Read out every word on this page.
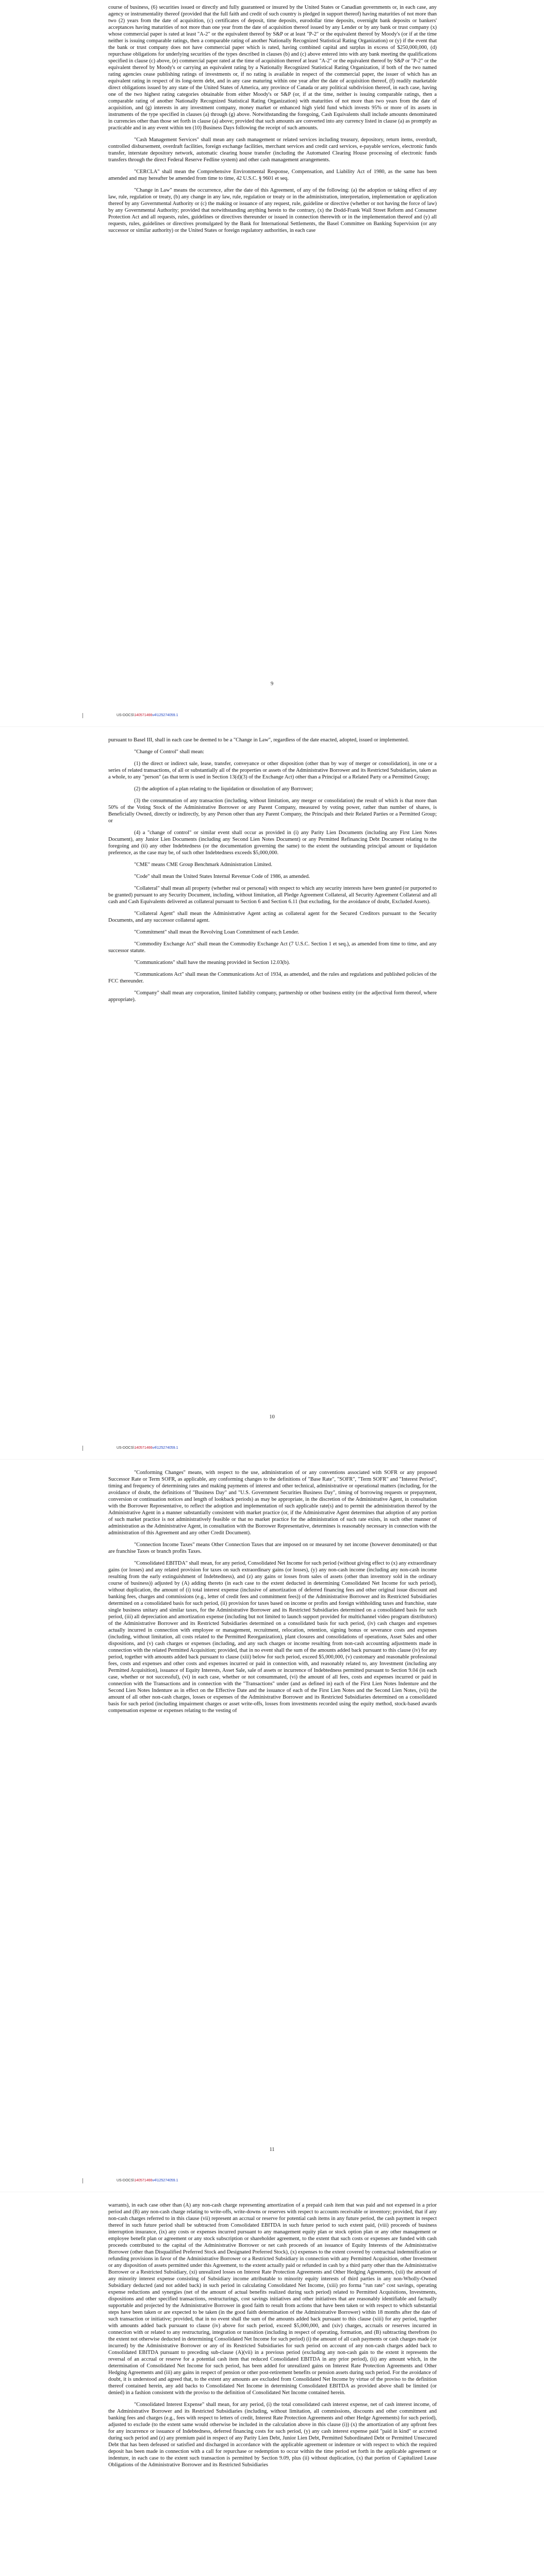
course of business, (6) securities issued or directly and fully guaranteed or insured by the United States or Canadian governments or, in each case, any agency or instrumentality thereof (provided that the full faith and credit of such country is pledged in support thereof) having maturities of not more than two (2) years from the date of acquisition, (c) certificates of deposit, time deposits, eurodollar time deposits, overnight bank deposits or bankers' acceptances having maturities of not more than one year from the date of acquisition thereof issued by any Lender or by any bank or trust company (x) whose commercial paper is rated at least "A-2" or the equivalent thereof by S&P or at least "P-2" or the equivalent thereof by Moody's (or if at the time neither is issuing comparable ratings, then a comparable rating of another Nationally Recognized Statistical Rating Organization) or (y) if the event that the bank or trust company does not have commercial paper which is rated, having combined capital and surplus in excess of $250,000,000, (d) repurchase obligations for underlying securities of the types described in clauses (b) and (c) above entered into with any bank meeting the qualifications specified in clause (c) above, (e) commercial paper rated at the time of acquisition thereof at least "A-2" or the equivalent thereof by S&P or "P-2" or the equivalent thereof by Moody's or carrying an equivalent rating by a Nationally Recognized Statistical Rating Organization, if both of the two named rating agencies cease publishing ratings of investments or, if no rating is available in respect of the commercial paper, the issuer of which has an equivalent rating in respect of its long-term debt, and in any case maturing within one year after the date of acquisition thereof, (f) readily marketable direct obligations issued by any state of the United States of America, any province of Canada or any political subdivision thereof, in each case, having one of the two highest rating categories obtainable from either Moody's or S&P (or, if at the time, neither is issuing comparable ratings, then a comparable rating of another Nationally Recognized Statistical Rating Organization) with maturities of not more than two years from the date of acquisition, and (g) interests in any investment company, money market or enhanced high yield fund which invests 95% or more of its assets in instruments of the type specified in clauses (a) through (g) above. Notwithstanding the foregoing, Cash Equivalents shall include amounts denominated in currencies other than those set forth in clause (a) above; provided that such amounts are converted into any currency listed in clause (a) as promptly as practicable and in any event within ten (10) Business Days following the receipt of such amounts.

"Cash Management Services" shall mean any cash management or related services including treasury, depository, return items, overdraft, controlled disbursement, overdraft facilities, foreign exchange facilities, merchant services and credit card services, e-payable services, electronic funds transfer, interstate depository network, automatic clearing house transfer (including the Automated Clearing House processing of electronic funds transfers through the direct Federal Reserve Fedline system) and other cash management arrangements.

"CERCLA" shall mean the Comprehensive Environmental Response, Compensation, and Liability Act of 1980, as the same has been amended and may hereafter be amended from time to time, 42 U.S.C. § 9601 et seq.

"Change in Law" means the occurrence, after the date of this Agreement, of any of the following: (a) the adoption or taking effect of any law, rule, regulation or treaty, (b) any change in any law, rule, regulation or treaty or in the administration, interpretation, implementation or application thereof by any Governmental Authority or (c) the making or issuance of any request, rule, guideline or directive (whether or not having the force of law) by any Governmental Authority; provided that notwithstanding anything herein to the contrary, (x) the Dodd-Frank Wall Street Reform and Consumer Protection Act and all requests, rules, guidelines or directives thereunder or issued in connection therewith or in the implementation thereof and (y) all requests, rules, guidelines or directives promulgated by the Bank for International Settlements, the Basel Committee on Banking Supervision (or any successor or similar authority) or the United States or foreign regulatory authorities, in each case

9
US-DOCS\140571466v4\125274059.1

pursuant to Basel III, shall in each case be deemed to be a "Change in Law", regardless of the date enacted, adopted, issued or implemented.

"Change of Control" shall mean:

(1) the direct or indirect sale, lease, transfer, conveyance or other disposition (other than by way of merger or consolidation), in one or a series of related transactions, of all or substantially all of the properties or assets of the Administrative Borrower and its Restricted Subsidiaries, taken as a whole, to any "person" (as that term is used in Section 13(d)(3) of the Exchange Act) other than a Principal or a Related Party or a Permitted Group;

(2) the adoption of a plan relating to the liquidation or dissolution of any Borrower;

(3) the consummation of any transaction (including, without limitation, any merger or consolidation) the result of which is that more than 50% of the Voting Stock of the Administrative Borrower or any Parent Company, measured by voting power, rather than number of shares, is Beneficially Owned, directly or indirectly, by any Person other than any Parent Company, the Principals and their Related Parties or a Permitted Group; or

(4) a "change of control" or similar event shall occur as provided in (i) any Parity Lien Documents (including any First Lien Notes Document), any Junior Lien Documents (including any Second Lien Notes Document) or any Permitted Refinancing Debt Document relating to the foregoing and (ii) any other Indebtedness (or the documentation governing the same) to the extent the outstanding principal amount or liquidation preference, as the case may be, of such other Indebtedness exceeds $5,000,000.

"CME" means CME Group Benchmark Administration Limited.

"Code" shall mean the United States Internal Revenue Code of 1986, as amended.

"Collateral" shall mean all property (whether real or personal) with respect to which any security interests have been granted (or purported to be granted) pursuant to any Security Document, including, without limitation, all Pledge Agreement Collateral, all Security Agreement Collateral and all cash and Cash Equivalents delivered as collateral pursuant to Section 6 and Section 6.11 (but excluding, for the avoidance of doubt, Excluded Assets).

"Collateral Agent" shall mean the Administrative Agent acting as collateral agent for the Secured Creditors pursuant to the Security Documents, and any successor collateral agent.

"Commitment" shall mean the Revolving Loan Commitment of each Lender.

"Commodity Exchange Act" shall mean the Commodity Exchange Act (7 U.S.C. Section 1 et seq.), as amended from time to time, and any successor statute.

"Communications" shall have the meaning provided in Section 12.03(b).

"Communications Act" shall mean the Communications Act of 1934, as amended, and the rules and regulations and published policies of the FCC thereunder.

"Company" shall mean any corporation, limited liability company, partnership or other business entity (or the adjectival form thereof, where appropriate).

10
US-DOCS\140571466v4\125274059.1

"Conforming Changes" means, with respect to the use, administration of or any conventions associated with SOFR or any proposed Successor Rate or Term SOFR, as applicable, any conforming changes to the definitions of "Base Rate", "SOFR", "Term SOFR" and "Interest Period", timing and frequency of determining rates and making payments of interest and other technical, administrative or operational matters (including, for the avoidance of doubt, the definitions of "Business Day" and "U.S. Government Securities Business Day", timing of borrowing requests or prepayment, conversion or continuation notices and length of lookback periods) as may be appropriate, in the discretion of the Administrative Agent, in consultation with the Borrower Representative, to reflect the adoption and implementation of such applicable rate(s) and to permit the administration thereof by the Administrative Agent in a manner substantially consistent with market practice (or, if the Administrative Agent determines that adoption of any portion of such market practice is not administratively feasible or that no market practice for the administration of such rate exists, in such other manner of administration as the Administrative Agent, in consultation with the Borrower Representative, determines is reasonably necessary in connection with the administration of this Agreement and any other Credit Document).

"Connection Income Taxes" means Other Connection Taxes that are imposed on or measured by net income (however denominated) or that are franchise Taxes or branch profits Taxes.

"Consolidated EBITDA" shall mean, for any period, Consolidated Net Income for such period (without giving effect to (x) any extraordinary gains (or losses) and any related provision for taxes on such extraordinary gains (or losses), (y) any non-cash income (including any non-cash income resulting from the early extinguishment of Indebtedness), and (z) any gains or losses from sales of assets (other than inventory sold in the ordinary course of business)) adjusted by (A) adding thereto (in each case to the extent deducted in determining Consolidated Net Income for such period), without duplication, the amount of (i) total interest expense (inclusive of amortization of deferred financing fees and other original issue discount and banking fees, charges and commissions (e.g., letter of credit fees and commitment fees)) of the Administrative Borrower and its Restricted Subsidiaries determined on a consolidated basis for such period, (ii) provision for taxes based on income or profits and foreign withholding taxes and franchise, state single business unitary and similar taxes, for the Administrative Borrower and its Restricted Subsidiaries determined on a consolidated basis for such period, (iii) all depreciation and amortization expense (including but not limited to launch support provided for multichannel video program distributors) of the Administrative Borrower and its Restricted Subsidiaries determined on a consolidated basis for such period, (iv) cash charges and expenses actually incurred in connection with employee or management, recruitment, relocation, retention, signing bonus or severance costs and expenses (including, without limitation, all costs related to the Permitted Reorganization), plant closures and consolidations of operations, Asset Sales and other dispositions, and (v) cash charges or expenses (including, and any such charges or income resulting from non-cash accounting adjustments made in connection with the related Permitted Acquisition; provided, that in no event shall the sum of the amounts added back pursuant to this clause (iv) for any period, together with amounts added back pursuant to clause (xiii) below for such period, exceed $5,000,000, (v) customary and reasonable professional fees, costs and expenses and other costs and expenses incurred or paid in connection with, and reasonably related to, any Investment (including any Permitted Acquisition), issuance of Equity Interests, Asset Sale, sale of assets or incurrence of Indebtedness permitted pursuant to Section 9.04 (in each case, whether or not successful), (vi) in each case, whether or not consummated, (vi) the amount of all fees, costs and expenses incurred or paid in connection with the Transactions and in connection with the "Transactions" under (and as defined in) each of the First Lien Notes Indenture and the Second Lien Notes Indenture as in effect on the Effective Date and the issuance of each of the First Lien Notes and the Second Lien Notes, (vii) the amount of all other non-cash charges, losses or expenses of the Administrative Borrower and its Restricted Subsidiaries determined on a consolidated basis for such period (including impairment charges or asset write-offs, losses from investments recorded using the equity method, stock-based awards compensation expense or expenses relating to the vesting of

11
US-DOCS\140571466v4\125274059.1

warrants), in each case other than (A) any non-cash charge representing amortization of a prepaid cash item that was paid and not expensed in a prior period and (B) any non-cash charge relating to write-offs, write-downs or reserves with respect to accounts receivable or inventory; provided, that if any non-cash charges referred to in this clause (vii) represent an accrual or reserve for potential cash items in any future period, the cash payment in respect thereof in such future period shall be subtracted from Consolidated EBITDA in such future period to such extent paid, (viii) proceeds of business interruption insurance, (ix) any costs or expenses incurred pursuant to any management equity plan or stock option plan or any other management or employee benefit plan or agreement or any stock subscription or shareholder agreement, to the extent that such costs or expenses are funded with cash proceeds contributed to the capital of the Administrative Borrower or net cash proceeds of an issuance of Equity Interests of the Administrative Borrower (other than Disqualified Preferred Stock and Designated Preferred Stock), (x) expenses to the extent covered by contractual indemnification or refunding provisions in favor of the Administrative Borrower or a Restricted Subsidiary in connection with any Permitted Acquisition, other Investment or any disposition of assets permitted under this Agreement, to the extent actually paid or refunded in cash by a third party other than the Administrative Borrower or a Restricted Subsidiary, (xi) unrealized losses on Interest Rate Protection Agreements and Other Hedging Agreements, (xii) the amount of any minority interest expense consisting of Subsidiary income attributable to minority equity interests of third parties in any non-Wholly-Owned Subsidiary deducted (and not added back) in such period in calculating Consolidated Net Income, (xiii) pro forma "run rate" cost savings, operating expense reductions and synergies (net of the amount of actual benefits realized during such period) related to Permitted Acquisitions, Investments, dispositions and other specified transactions, restructurings, cost savings initiatives and other initiatives that are reasonably identifiable and factually supportable and projected by the Administrative Borrower in good faith to result from actions that have been taken or with respect to which substantial steps have been taken or are expected to be taken (in the good faith determination of the Administrative Borrower) within 18 months after the date of such transaction or initiative; provided, that in no event shall the sum of the amounts added back pursuant to this clause (xiii) for any period, together with amounts added back pursuant to clause (iv) above for such period, exceed $5,000,000, and (xiv) charges, accruals or reserves incurred in connection with or related to any restructuring, integration or transition (including in respect of operating, formation, and (B) subtracting therefrom (to the extent not otherwise deducted in determining Consolidated Net Income for such period) (i) the amount of all cash payments or cash charges made (or incurred) by the Administrative Borrower or any of its Restricted Subsidiaries for such period on account of any non-cash charges added back to Consolidated EBITDA pursuant to preceding sub-clause (A)(vii) in a previous period (excluding any non-cash gain to the extent it represents the reversal of an accrual or reserve for a potential cash item that reduced Consolidated EBITDA in any prior period), (ii) any amount which, in the determination of Consolidated Net Income for such period, has been added for unrealized gains on Interest Rate Protection Agreements and Other Hedging Agreements and (iii) any gains in respect of pension or other post-retirement benefits or pension assets during such period. For the avoidance of doubt, it is understood and agreed that, to the extent any amounts are excluded from Consolidated Net Income by virtue of the proviso to the definition thereof contained herein, any add backs to Consolidated Net Income in determining Consolidated EBITDA as provided above shall be limited (or denied) in a fashion consistent with the proviso to the definition of Consolidated Net Income contained herein.

"Consolidated Interest Expense" shall mean, for any period, (i) the total consolidated cash interest expense, net of cash interest income, of the Administrative Borrower and its Restricted Subsidiaries (including, without limitation, all commissions, discounts and other commitment and banking fees and charges (e.g., fees with respect to letters of credit, Interest Rate Protection Agreements and other Hedge Agreements) for such period), adjusted to exclude (to the extent same would otherwise be included in the calculation above in this clause (i)) (x) the amortization of any upfront fees for any incurrence or issuance of Indebtedness, deferred financing costs for such period, (y) any cash interest expense paid "paid in kind" or accreted during such period and (z) any premium paid in respect of any Parity Lien Debt, Junior Lien Debt, Permitted Subordinated Debt or Permitted Unsecured Debt that has been defeased or satisfied and discharged in accordance with the applicable agreement or indenture or with respect to which the required deposit has been made in connection with a call for repurchase or redemption to occur within the time period set forth in the applicable agreement or indenture, in each case to the extent such transaction is permitted by Section 9.09, plus (ii) without duplication, (x) that portion of Capitalized Lease Obligations of the Administrative Borrower and its Restricted Subsidiaries
